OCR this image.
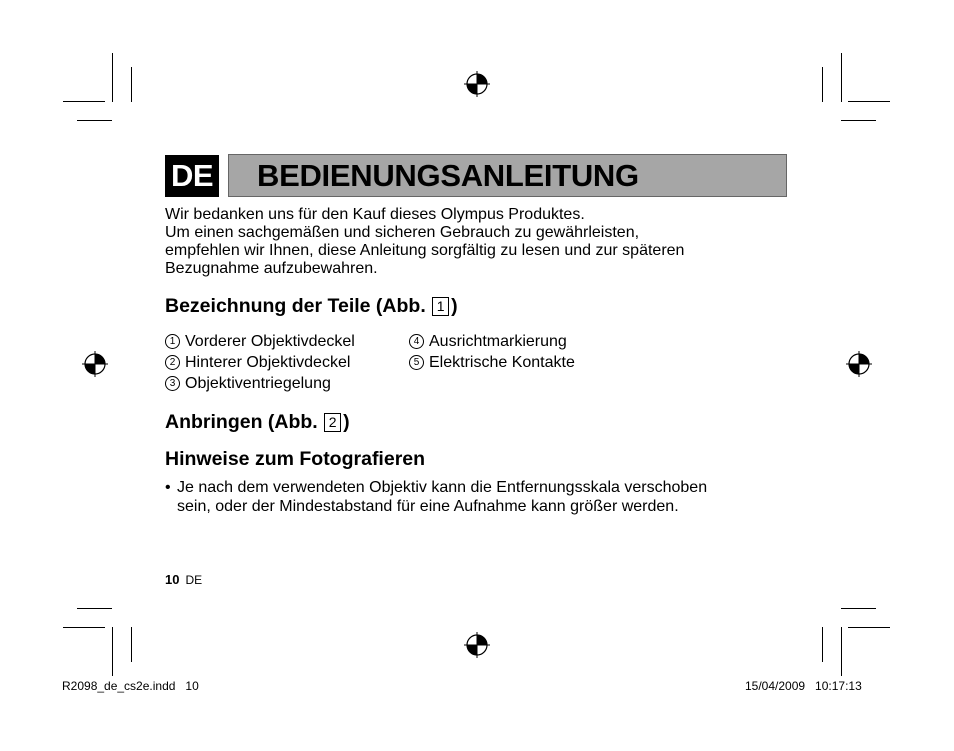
DE BEDIENUNGSANLEITUNG
Wir bedanken uns für den Kauf dieses Olympus Produktes.
Um einen sachgemäßen und sicheren Gebrauch zu gewährleisten,
empfehlen wir Ihnen, diese Anleitung sorgfältig zu lesen und zur späteren
Bezugnahme aufzubewahren.
Bezeichnung der Teile (Abb. 1 )
1 Vorderer Objektivdeckel
2 Hinterer Objektivdeckel
3 Objektiventriegelung
4 Ausrichtmarkierung
5 Elektrische Kontakte
Anbringen (Abb. 2 )
Hinweise zum Fotografieren
• Je nach dem verwendeten Objektiv kann die Entfernungsskala verschoben
sein, oder der Mindestabstand für eine Aufnahme kann größer werden.
10 DE
R2098_de_cs2e.indd   10	15/04/2009   10:17:13
